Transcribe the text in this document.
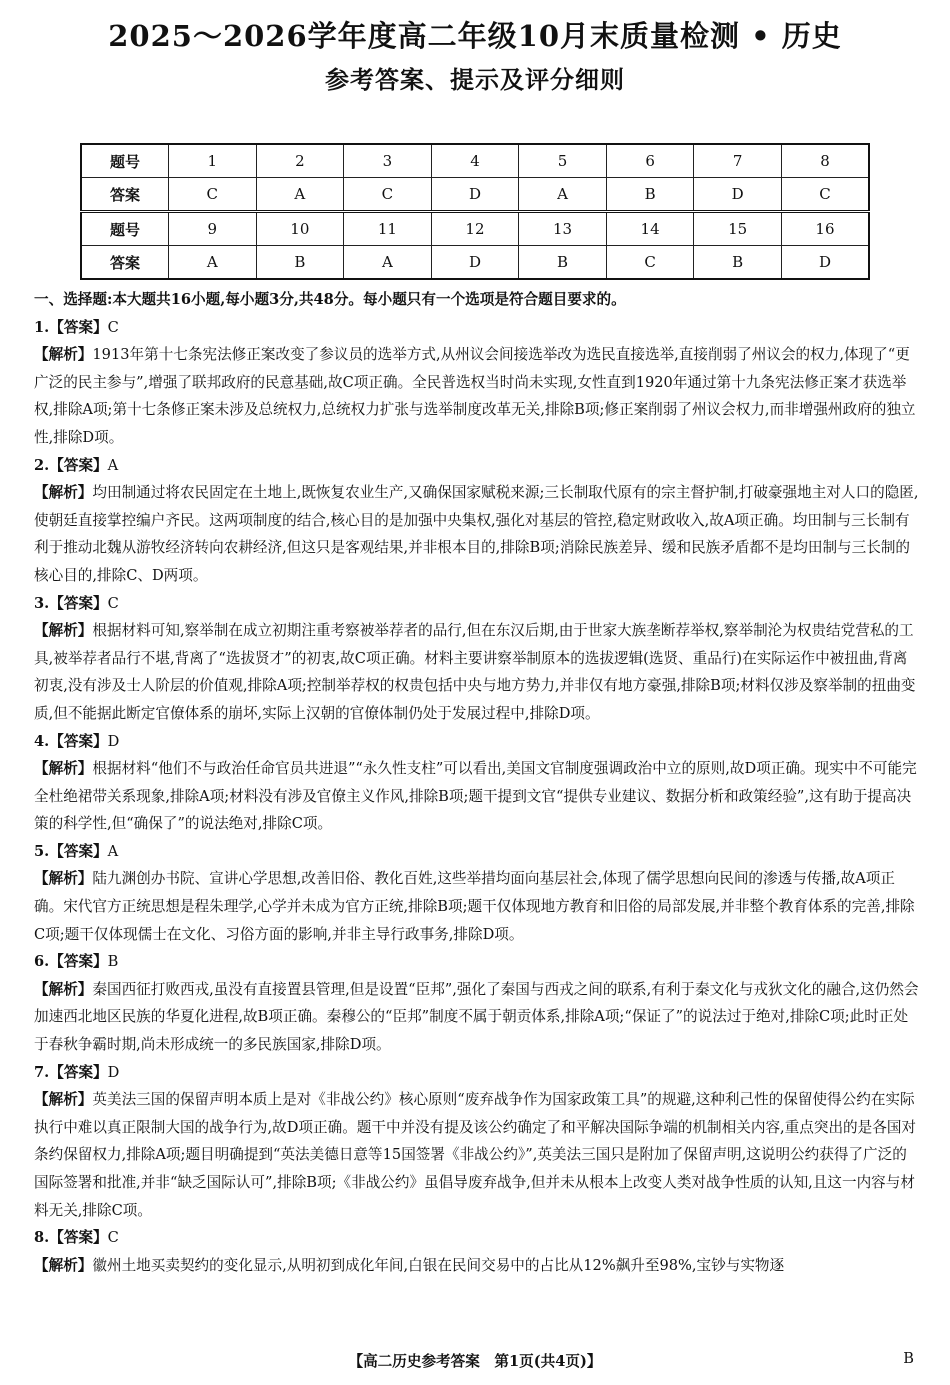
2025～2026学年度高二年级10月末质量检测 • 历史
参考答案、提示及评分细则
题号	1	2	3	4	5	6	7	8
答案	C	A	C	D	A	B	D	C
题号	9	10	11	12	13	14	15	16
答案	A	B	A	D	B	C	B	D

一、选择题:本大题共16小题,每小题3分,共48分。每小题只有一个选项是符合题目要求的。

1.【答案】C

【解析】1913年第十七条宪法修正案改变了参议员的选举方式,从州议会间接选举改为选民直接选举,直接削弱了州议会的权力,体现了“更广泛的民主参与”,增强了联邦政府的民意基础,故C项正确。全民普选权当时尚未实现,女性直到1920年通过第十九条宪法修正案才获选举权,排除A项;第十七条修正案未涉及总统权力,总统权力扩张与选举制度改革无关,排除B项;修正案削弱了州议会权力,而非增强州政府的独立性,排除D项。

2.【答案】A

【解析】均田制通过将农民固定在土地上,既恢复农业生产,又确保国家赋税来源;三长制取代原有的宗主督护制,打破豪强地主对人口的隐匿,使朝廷直接掌控编户齐民。这两项制度的结合,核心目的是加强中央集权,强化对基层的管控,稳定财政收入,故A项正确。均田制与三长制有利于推动北魏从游牧经济转向农耕经济,但这只是客观结果,并非根本目的,排除B项;消除民族差异、缓和民族矛盾都不是均田制与三长制的核心目的,排除C、D两项。

3.【答案】C

【解析】根据材料可知,察举制在成立初期注重考察被举荐者的品行,但在东汉后期,由于世家大族垄断荐举权,察举制沦为权贵结党营私的工具,被举荐者品行不堪,背离了“选拔贤才”的初衷,故C项正确。材料主要讲察举制原本的选拔逻辑(选贤、重品行)在实际运作中被扭曲,背离初衷,没有涉及士人阶层的价值观,排除A项;控制举荐权的权贵包括中央与地方势力,并非仅有地方豪强,排除B项;材料仅涉及察举制的扭曲变质,但不能据此断定官僚体系的崩坏,实际上汉朝的官僚体制仍处于发展过程中,排除D项。

4.【答案】D

【解析】根据材料“他们不与政治任命官员共进退”“永久性支柱”可以看出,美国文官制度强调政治中立的原则,故D项正确。现实中不可能完全杜绝裙带关系现象,排除A项;材料没有涉及官僚主义作风,排除B项;题干提到文官“提供专业建议、数据分析和政策经验”,这有助于提高决策的科学性,但“确保了”的说法绝对,排除C项。

5.【答案】A

【解析】陆九渊创办书院、宣讲心学思想,改善旧俗、教化百姓,这些举措均面向基层社会,体现了儒学思想向民间的渗透与传播,故A项正确。宋代官方正统思想是程朱理学,心学并未成为官方正统,排除B项;题干仅体现地方教育和旧俗的局部发展,并非整个教育体系的完善,排除C项;题干仅体现儒士在文化、习俗方面的影响,并非主导行政事务,排除D项。

6.【答案】B

【解析】秦国西征打败西戎,虽没有直接置县管理,但是设置“臣邦”,强化了秦国与西戎之间的联系,有利于秦文化与戎狄文化的融合,这仍然会加速西北地区民族的华夏化进程,故B项正确。秦穆公的“臣邦”制度不属于朝贡体系,排除A项;“保证了”的说法过于绝对,排除C项;此时正处于春秋争霸时期,尚未形成统一的多民族国家,排除D项。

7.【答案】D

【解析】英美法三国的保留声明本质上是对《非战公约》核心原则“废弃战争作为国家政策工具”的规避,这种利己性的保留使得公约在实际执行中难以真正限制大国的战争行为,故D项正确。题干中并没有提及该公约确定了和平解决国际争端的机制相关内容,重点突出的是各国对条约保留权力,排除A项;题目明确提到“英法美德日意等15国签署《非战公约》”,英美法三国只是附加了保留声明,这说明公约获得了广泛的国际签署和批准,并非“缺乏国际认可”,排除B项;《非战公约》虽倡导废弃战争,但并未从根本上改变人类对战争性质的认知,且这一内容与材料无关,排除C项。

8.【答案】C

【解析】徽州土地买卖契约的变化显示,从明初到成化年间,白银在民间交易中的占比从12%飙升至98%,宝钞与实物逐

【高二历史参考答案　第1页(共4页)】	B
